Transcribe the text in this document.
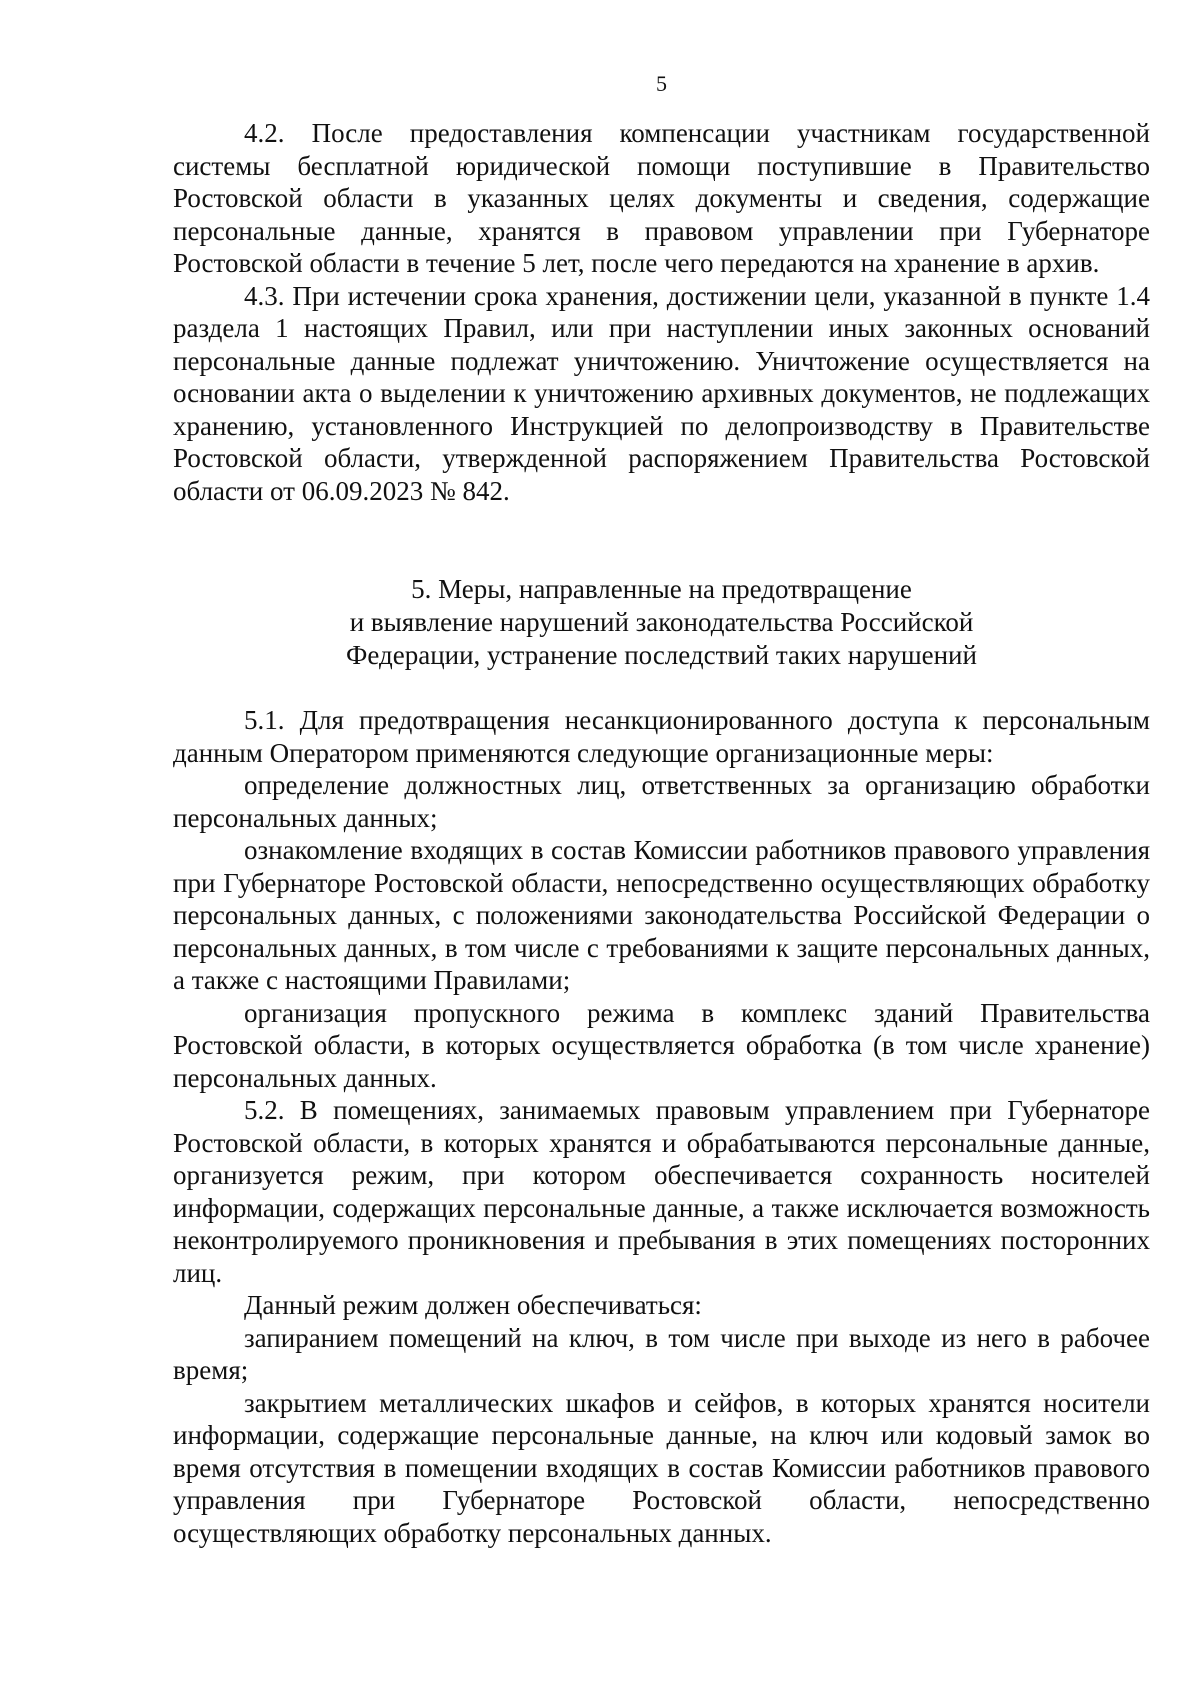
5

4.2. После предоставления компенсации участникам государственной системы бесплатной юридической помощи поступившие в Правительство Ростовской области в указанных целях документы и сведения, содержащие персональные данные, хранятся в правовом управлении при Губернаторе Ростовской области в течение 5 лет, после чего передаются на хранение в архив.

4.3. При истечении срока хранения, достижении цели, указанной в пункте 1.4 раздела 1 настоящих Правил, или при наступлении иных законных оснований персональные данные подлежат уничтожению. Уничтожение осуществляется на основании акта о выделении к уничтожению архивных документов, не подлежащих хранению, установленного Инструкцией по делопроизводству в Правительстве Ростовской области, утвержденной распоряжением Правительства Ростовской области от 06.09.2023 № 842.

5. Меры, направленные на предотвращение
и выявление нарушений законодательства Российской
Федерации, устранение последствий таких нарушений

5.1. Для предотвращения несанкционированного доступа к персональным данным Оператором применяются следующие организационные меры:

определение должностных лиц, ответственных за организацию обработки персональных данных;

ознакомление входящих в состав Комиссии работников правового управления при Губернаторе Ростовской области, непосредственно осуществляющих обработку персональных данных, с положениями законодательства Российской Федерации о персональных данных, в том числе с требованиями к защите персональных данных, а также с настоящими Правилами;

организация пропускного режима в комплекс зданий Правительства Ростовской области, в которых осуществляется обработка (в том числе хранение) персональных данных.

5.2. В помещениях, занимаемых правовым управлением при Губернаторе Ростовской области, в которых хранятся и обрабатываются персональные данные, организуется режим, при котором обеспечивается сохранность носителей информации, содержащих персональные данные, а также исключается возможность неконтролируемого проникновения и пребывания в этих помещениях посторонних лиц.

Данный режим должен обеспечиваться:

запиранием помещений на ключ, в том числе при выходе из него в рабочее время;

закрытием металлических шкафов и сейфов, в которых хранятся носители информации, содержащие персональные данные, на ключ или кодовый замок во время отсутствия в помещении входящих в состав Комиссии работников правового управления при Губернаторе Ростовской области, непосредственно осуществляющих обработку персональных данных.
